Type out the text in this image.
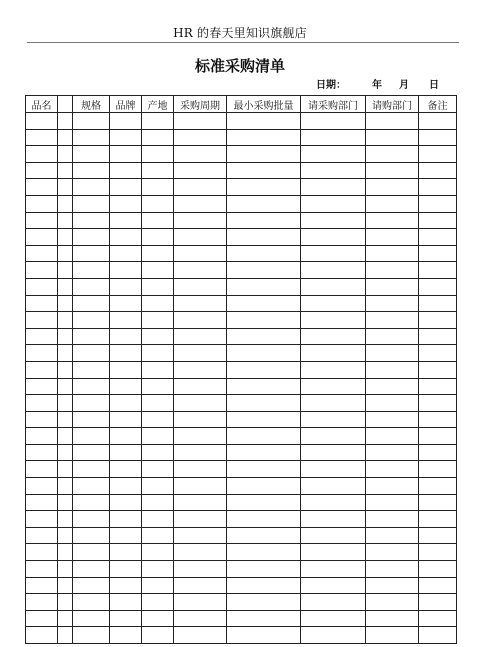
HR 的春天里知识旗舰店
标准采购清单
日期：	年 月 日
品名		规格	品牌	产地	采购周期	最小采购批量	请采购部门	请购部门	备注
